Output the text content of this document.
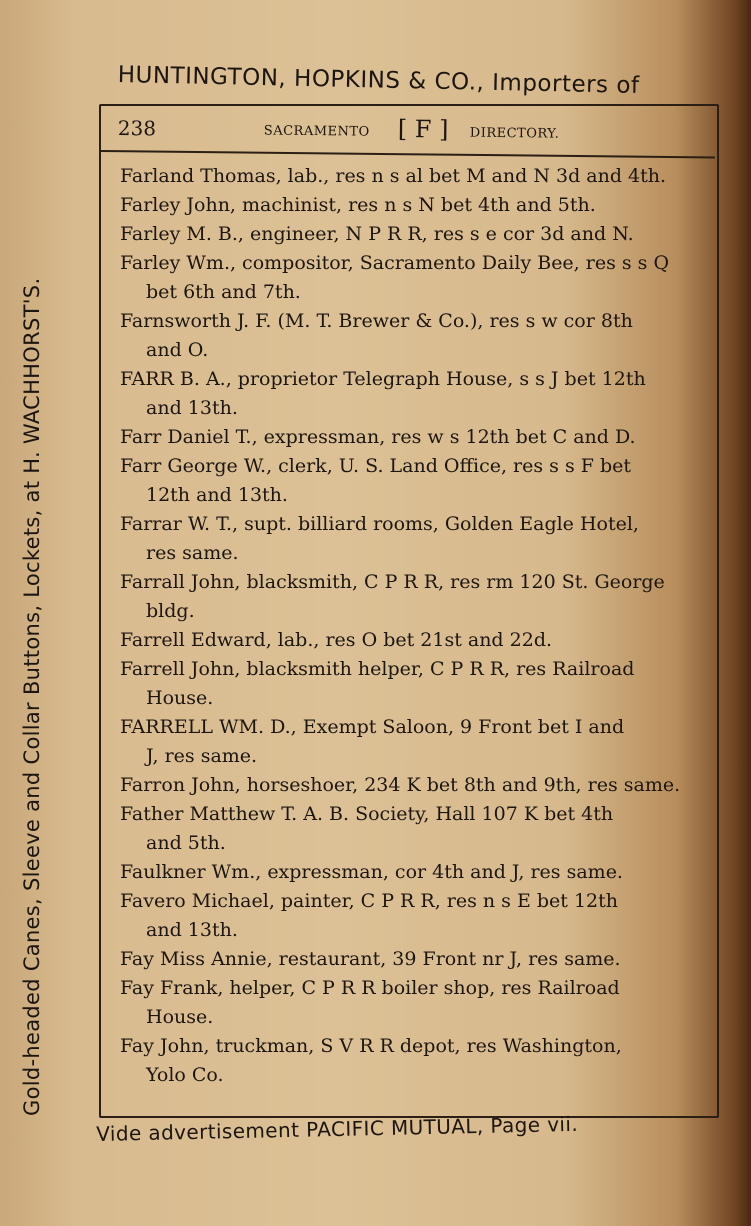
HUNTINGTON, HOPKINS & CO., Importers of
Gold-headed Canes, Sleeve and Collar Buttons, Lockets, at H. WACHHORST'S.
238	SACRAMENTO [ F ] DIRECTORY.
Farland Thomas, lab., res n s al bet M and N 3d and 4th.
Farley John, machinist, res n s N bet 4th and 5th.
Farley M. B., engineer, N P R R, res s e cor 3d and N.
Farley Wm., compositor, Sacramento Daily Bee, res s s Q
bet 6th and 7th.
Farnsworth J. F. (M. T. Brewer & Co.), res s w cor 8th
and O.
FARR B. A., proprietor Telegraph House, s s J bet 12th
and 13th.
Farr Daniel T., expressman, res w s 12th bet C and D.
Farr George W., clerk, U. S. Land Office, res s s F bet
12th and 13th.
Farrar W. T., supt. billiard rooms, Golden Eagle Hotel,
res same.
Farrall John, blacksmith, C P R R, res rm 120 St. George
bldg.
Farrell Edward, lab., res O bet 21st and 22d.
Farrell John, blacksmith helper, C P R R, res Railroad
House.
FARRELL WM. D., Exempt Saloon, 9 Front bet I and
J, res same.
Farron John, horseshoer, 234 K bet 8th and 9th, res same.
Father Matthew T. A. B. Society, Hall 107 K bet 4th
and 5th.
Faulkner Wm., expressman, cor 4th and J, res same.
Favero Michael, painter, C P R R, res n s E bet 12th
and 13th.
Fay Miss Annie, restaurant, 39 Front nr J, res same.
Fay Frank, helper, C P R R boiler shop, res Railroad
House.
Fay John, truckman, S V R R depot, res Washington,
Yolo Co.
Vide advertisement PACIFIC MUTUAL, Page vii.
